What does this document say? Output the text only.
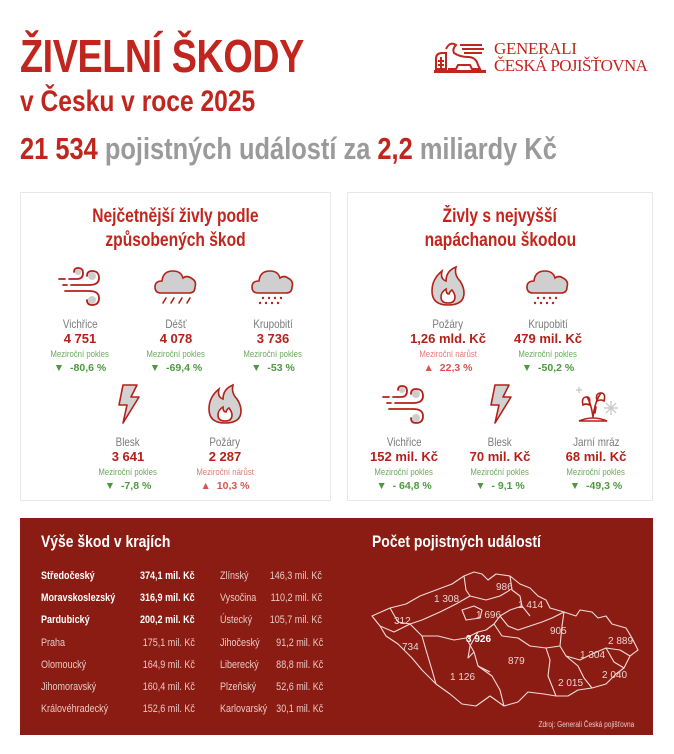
ŽIVELNÍ ŠKODY
v Česku v roce 2025
21 534 pojistných událostí za 2,2 miliardy Kč
GENERALI
ČESKÁ POJIŠŤOVNA
Nejčetnější živly podle
způsobených škod
Vichřice
4 751
Meziroční pokles
▼  -80,6 %
Déšť
4 078
Meziroční pokles
▼  -69,4 %
Krupobití
3 736
Meziroční pokles
▼  -53 %
Blesk
3 641
Meziroční pokles
▼  -7,8 %
Požáry
2 287
Meziroční nárůst
▲  10,3 %
Živly s nejvyšší
napáchanou škodou
Požáry
1,26 mld. Kč
Meziroční nárůst
▲  22,3 %
Krupobití
479 mil. Kč
Meziroční pokles
▼  -50,2 %
Vichřice
152 mil. Kč
Meziroční pokles
▼  - 64,8 %
Blesk
70 mil. Kč
Meziroční pokles
▼  - 9,1 %
Jarní mráz
68 mil. Kč
Meziroční pokles
▼  -49,3 %
Výše škod v krajích
Středočeský	374,1 mil. Kč
Moravskoslezský	316,9 mil. Kč
Pardubický	200,2 mil. Kč
Praha	175,1 mil. Kč
Olomoucký	164,9 mil. Kč
Jihomoravský	160,4 mil. Kč
Královéhradecký	152,6 mil. Kč
Zlínský	146,3 mil. Kč
Vysočina	110,2 mil. Kč
Ústecký	105,7 mil. Kč
Jihočeský	91,2 mil. Kč
Liberecký	88,8 mil. Kč
Plzeňský	52,6 mil. Kč
Karlovarský 30,1 mil. Kč
Počet pojistných událostí
312
1 308
986
1 414
1 696
3 926
905
734
879
1 126
2 015
1 304
2 889
2 040
Zdroj: Generali Česká pojišťovna
